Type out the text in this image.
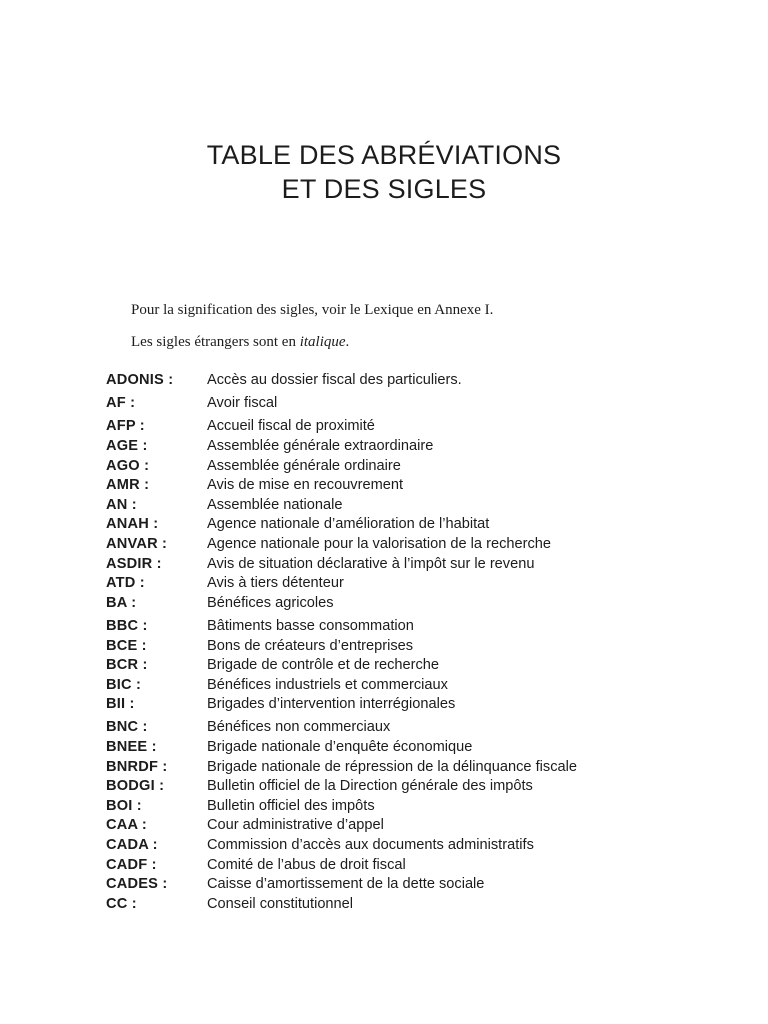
TABLE DES ABRÉVIATIONS
ET DES SIGLES

Pour la signification des sigles, voir le Lexique en Annexe I.

Les sigles étrangers sont en italique.

ADONIS :	Accès au dossier fiscal des particuliers.
AF :	Avoir fiscal
AFP :	Accueil fiscal de proximité
AGE :	Assemblée générale extraordinaire
AGO :	Assemblée générale ordinaire
AMR :	Avis de mise en recouvrement
AN :	Assemblée nationale
ANAH :	Agence nationale d’amélioration de l’habitat
ANVAR :	Agence nationale pour la valorisation de la recherche
ASDIR :	Avis de situation déclarative à l’impôt sur le revenu
ATD :	Avis à tiers détenteur
BA :	Bénéfices agricoles
BBC :	Bâtiments basse consommation
BCE :	Bons de créateurs d’entreprises
BCR :	Brigade de contrôle et de recherche
BIC :	Bénéfices industriels et commerciaux
BII :	Brigades d’intervention interrégionales
BNC :	Bénéfices non commerciaux
BNEE :	Brigade nationale d’enquête économique
BNRDF :	Brigade nationale de répression de la délinquance fiscale
BODGI :	Bulletin officiel de la Direction générale des impôts
BOI :	Bulletin officiel des impôts
CAA :	Cour administrative d’appel
CADA :	Commission d’accès aux documents administratifs
CADF :	Comité de l’abus de droit fiscal
CADES :	Caisse d’amortissement de la dette sociale
CC :	Conseil constitutionnel
